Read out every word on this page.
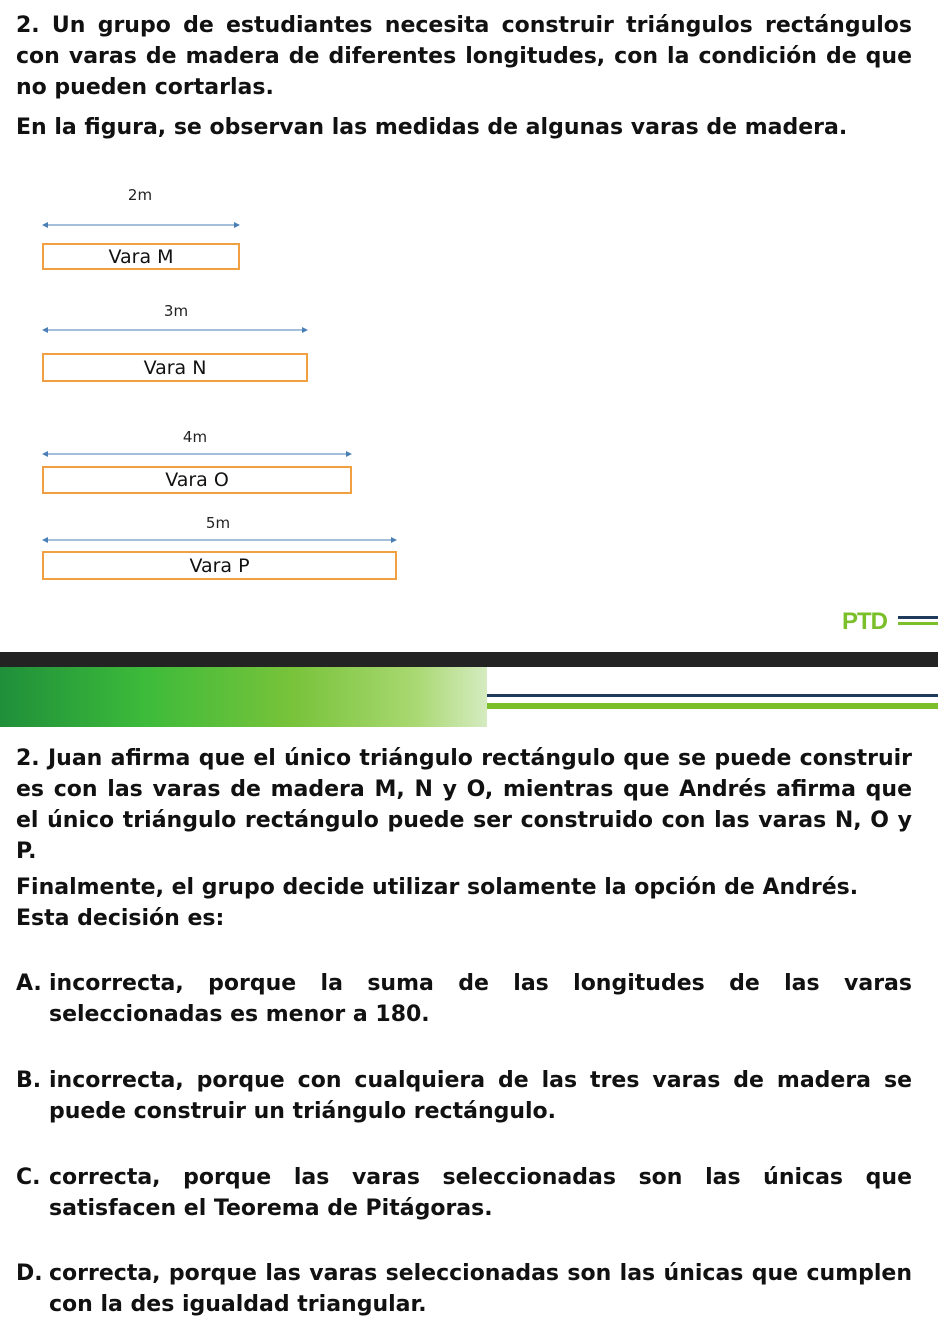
2. Un grupo de estudiantes necesita construir triángulos rectángulos con varas de madera de diferentes longitudes, con la condición de que no pueden cortarlas.

En la figura, se observan las medidas de algunas varas de madera.

2m
Vara M
3m
Vara N
4m
Vara O
5m
Vara P
PTD

2. Juan afirma que el único triángulo rectángulo que se puede construir es con las varas de madera M, N y O, mientras que Andrés afirma que el único triángulo rectángulo puede ser construido con las varas N, O y P.

Finalmente, el grupo decide utilizar solamente la opción de Andrés.

Esta decisión es:

A. incorrecta, porque la suma de las longitudes de las varas seleccionadas es menor a 180.
B. incorrecta, porque con cualquiera de las tres varas de madera se puede construir un triángulo rectángulo.
C. correcta, porque las varas seleccionadas son las únicas que satisfacen el Teorema de Pitágoras.
D. correcta, porque las varas seleccionadas son las únicas que cumplen con la des igualdad triangular.
